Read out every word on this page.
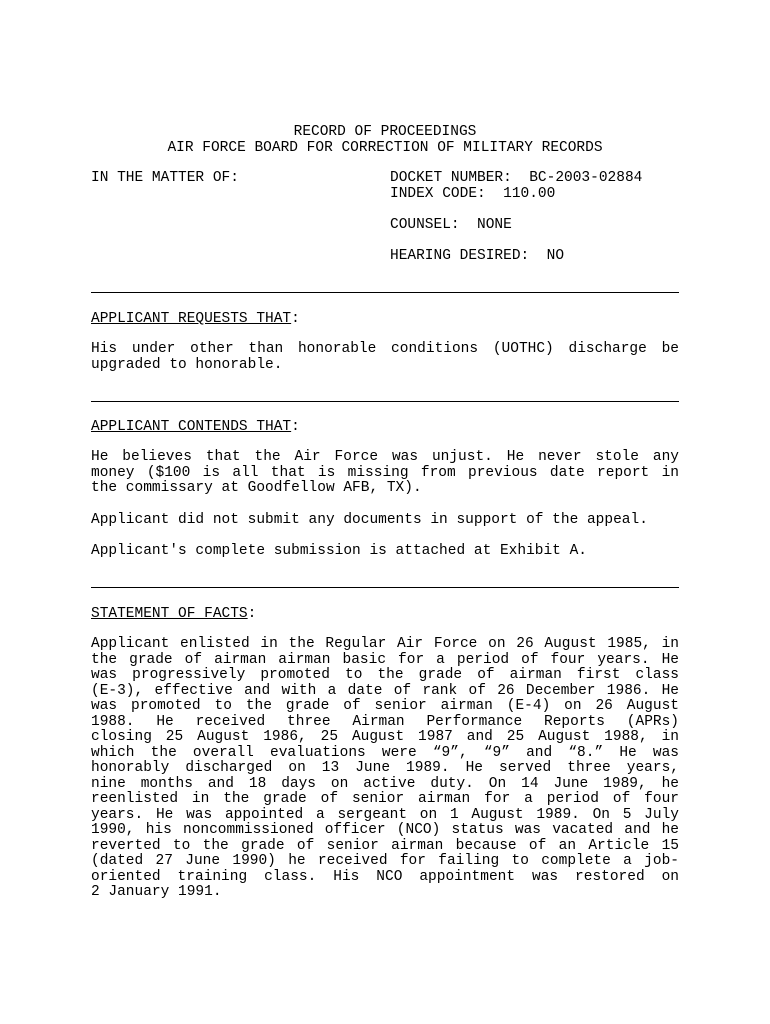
RECORD OF PROCEEDINGS
AIR FORCE BOARD FOR CORRECTION OF MILITARY RECORDS
IN THE MATTER OF:	DOCKET NUMBER:  BC-2003-02884
INDEX CODE:  110.00
COUNSEL:  NONE
HEARING DESIRED:  NO
APPLICANT REQUESTS THAT:
His under other than honorable conditions (UOTHC) discharge be
upgraded to honorable.
APPLICANT CONTENDS THAT:
He believes that the Air Force was unjust. He never stole any
money ($100 is all that is missing from previous date report in
the commissary at Goodfellow AFB, TX).
Applicant did not submit any documents in support of the appeal.
Applicant's complete submission is attached at Exhibit A.
STATEMENT OF FACTS:
Applicant enlisted in the Regular Air Force on 26 August 1985, in
the grade of airman airman basic for a period of four years. He
was progressively promoted to the grade of airman first class
(E-3), effective and with a date of rank of 26 December 1986. He
was promoted to the grade of senior airman (E-4) on 26 August
1988. He received three Airman Performance Reports (APRs)
closing 25 August 1986, 25 August 1987 and 25 August 1988, in
which the overall evaluations were “9”, “9” and “8.” He was
honorably discharged on 13 June 1989. He served three years,
nine months and 18 days on active duty. On 14 June 1989, he
reenlisted in the grade of senior airman for a period of four
years. He was appointed a sergeant on 1 August 1989. On 5 July
1990, his noncommissioned officer (NCO) status was vacated and he
reverted to the grade of senior airman because of an Article 15
(dated 27 June 1990) he received for failing to complete a job-
oriented training class. His NCO appointment was restored on
2 January 1991.
